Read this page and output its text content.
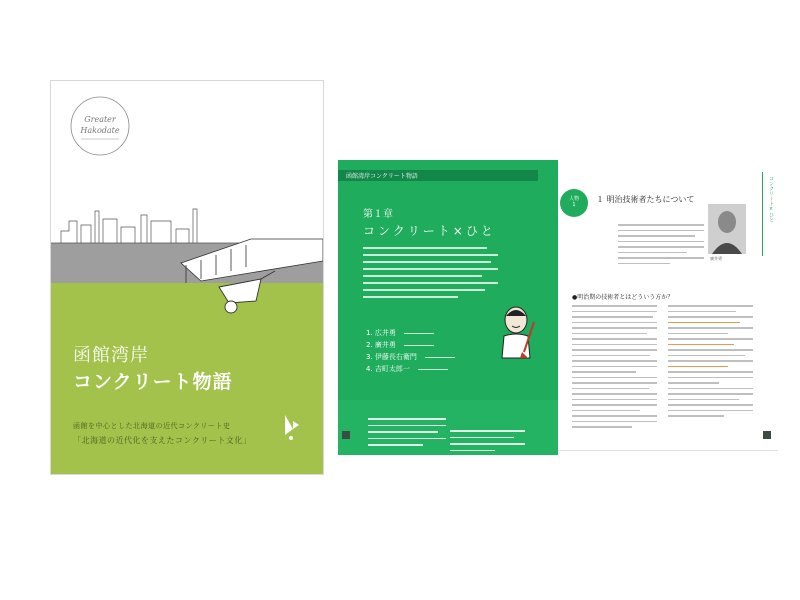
Greater
Hakodate
函館湾岸
コンクリート物語
函館を中心とした北海道の近代コンクリート史
「北海道の近代化を支えたコンクリート文化」
函館湾岸コンクリート物語
第１章
コンクリート×ひと
1. 広井勇
2. 廣井勇
3. 伊藤長右衛門
4. 吉町太郎一
人物
1
１ 明治技術者たちについて
廣井勇
●明治期の技術者とはどういう方か？
コンクリート×ひと
